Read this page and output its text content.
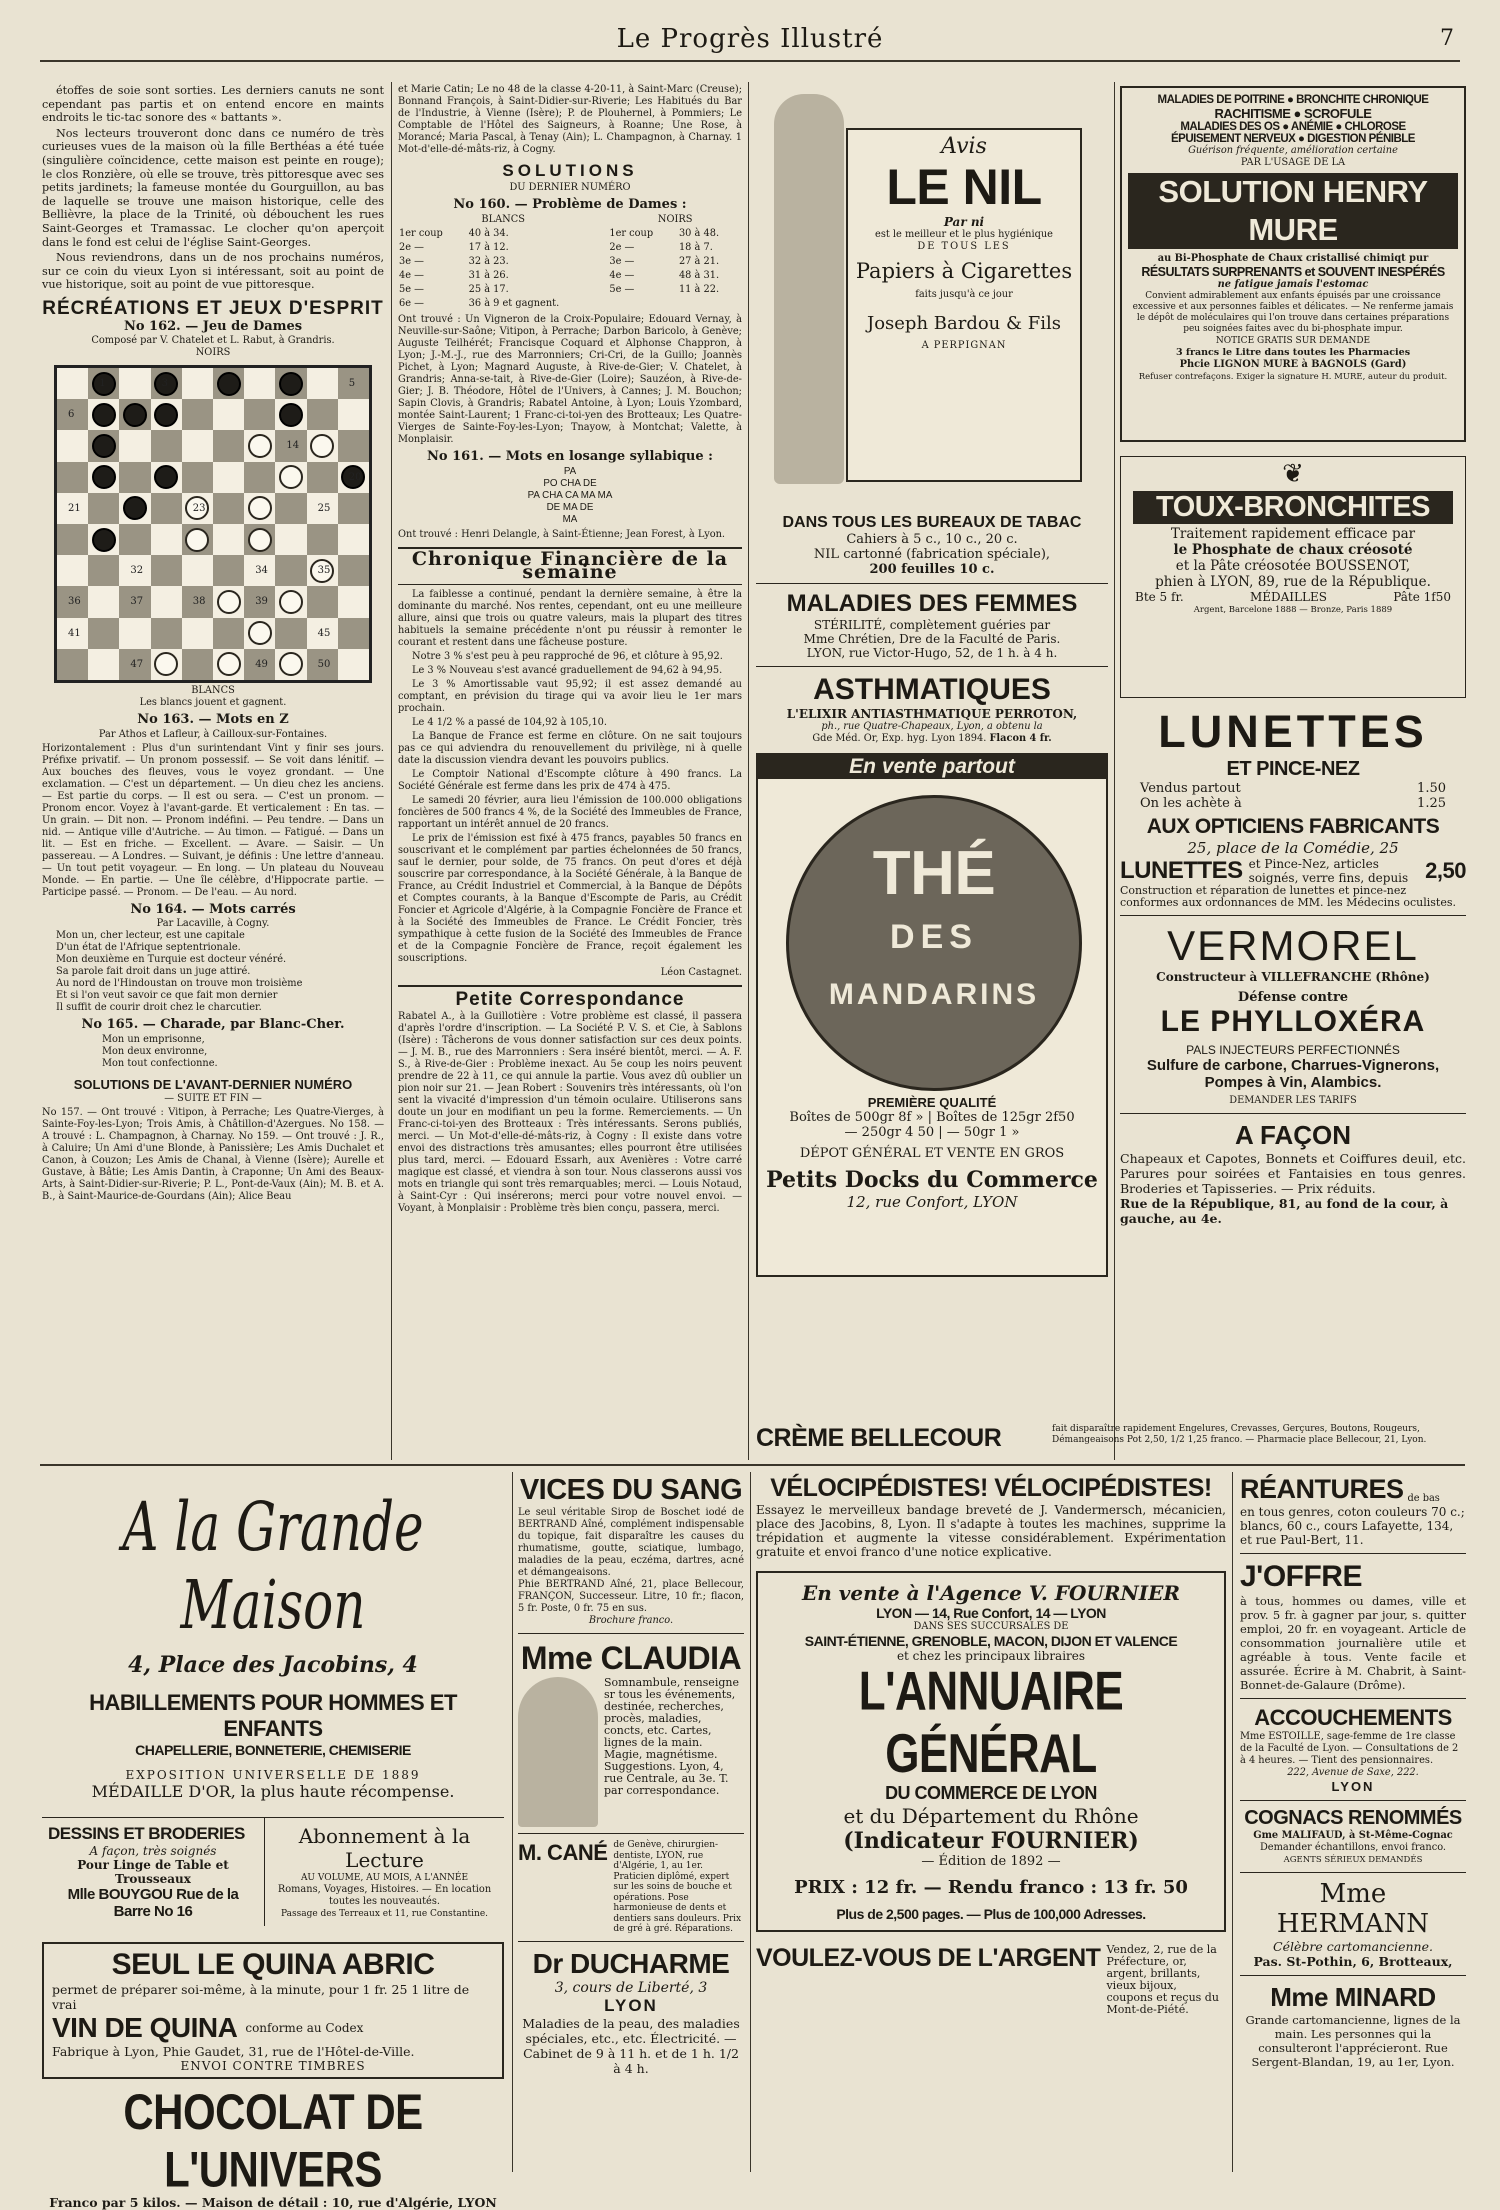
Le Progrès Illustré	7

étoffes de soie sont sorties. Les derniers canuts ne sont cependant pas partis et on entend encore en maints endroits le tic-tac sonore des « battants ».

Nos lecteurs trouveront donc dans ce numéro de très curieuses vues de la maison où la fille Berthéas a été tuée (singulière coïncidence, cette maison est peinte en rouge); le clos Ronzière, où elle se trouve, très pittoresque avec ses petits jardinets; la fameuse montée du Gourguillon, au bas de laquelle se trouve une maison historique, celle des Bellièvre, la place de la Trinité, où débouchent les rues Saint-Georges et Tramassac. Le clocher qu'on aperçoit dans le fond est celui de l'église Saint-Georges.

Nous reviendrons, dans un de nos prochains numéros, sur ce coin du vieux Lyon si intéressant, soit au point de vue historique, soit au point de vue pittoresque.

RÉCRÉATIONS ET JEUX D'ESPRIT
No 162. — Jeu de Dames
Composé par V. Chatelet et L. Rabut, à Grandris.
NOIRS
1	3	5
6
14
20
21	23	25
32	34	35
36	37	38	39
41	45
47	49	50
BLANCS
Les blancs jouent et gagnent.
No 163. — Mots en Z
Par Athos et Lafleur, à Cailloux-sur-Fontaines.

Horizontalement : Plus d'un surintendant Vint y finir ses jours. Préfixe privatif. — Un pronom possessif. — Se voit dans lénitif. — Aux bouches des fleuves, vous le voyez grondant. — Une exclamation. — C'est un département. — Un dieu chez les anciens. — Est partie du corps. — Il est ou sera. — C'est un pronom. — Pronom encor. Voyez à l'avant-garde. Et verticalement : En tas. — Un grain. — Dit non. — Pronom indéfini. — Peu tendre. — Dans un nid. — Antique ville d'Autriche. — Au timon. — Fatigué. — Dans un lit. — Est en friche. — Excellent. — Avare. — Saisir. — Un passereau. — A Londres. — Suivant, je définis : Une lettre d'anneau. — Un tout petit voyageur. — En long. — Un plateau du Nouveau Monde. — En partie. — Une île célèbre, d'Hippocrate partie. — Participe passé. — Pronom. — De l'eau. — Au nord.

No 164. — Mots carrés
Par Lacaville, à Cogny.
Mon un, cher lecteur, est une capitale
D'un état de l'Afrique septentrionale.
Mon deuxième en Turquie est docteur vénéré.
Sa parole fait droit dans un juge attiré.
Au nord de l'Hindoustan on trouve mon troisième
Et si l'on veut savoir ce que fait mon dernier
Il suffit de courir droit chez le charcutier.
No 165. — Charade, par Blanc-Cher.
Mon un emprisonne,
Mon deux environne,
Mon tout confectionne.
SOLUTIONS DE L'AVANT-DERNIER NUMÉRO
— SUITE ET FIN —

No 157. — Ont trouvé : Vitipon, à Perrache; Les Quatre-Vierges, à Sainte-Foy-les-Lyon; Trois Amis, à Châtillon-d'Azergues. No 158. — A trouvé : L. Champagnon, à Charnay. No 159. — Ont trouvé : J. R., à Caluire; Un Ami d'une Blonde, à Panissière; Les Amis Duchalet et Canon, à Couzon; Les Amis de Chanal, à Vienne (Isère); Aurelle et Gustave, à Bâtie; Les Amis Dantin, à Craponne; Un Ami des Beaux-Arts, à Saint-Didier-sur-Riverie; P. L., Pont-de-Vaux (Ain); M. B. et A. B., à Saint-Maurice-de-Gourdans (Ain); Alice Beau

et Marie Catin; Le no 48 de la classe 4-20-11, à Saint-Marc (Creuse); Bonnand François, à Saint-Didier-sur-Riverie; Les Habitués du Bar de l'Industrie, à Vienne (Isère); P. de Plouhernel, à Pommiers; Le Comptable de l'Hôtel des Saigneurs, à Roanne; Une Rose, à Morancé; Maria Pascal, à Tenay (Ain); L. Champagnon, à Charnay. 1 Mot-d'elle-dé-mâts-riz, à Cogny.

SOLUTIONS
DU DERNIER NUMÉRO
No 160. — Problème de Dames :
BLANCS		NOIRS	
1er coup	40 à 34.	1er coup	30 à 48.
2e —	17 à 12.	2e —	18 à 7.
3e —	32 à 23.	3e —	27 à 21.
4e —	31 à 26.	4e —	48 à 31.
5e —	25 à 17.	5e —	11 à 22.
6e —	36 à 9 et gagnent.		

Ont trouvé : Un Vigneron de la Croix-Populaire; Edouard Vernay, à Neuville-sur-Saône; Vitipon, à Perrache; Darbon Baricolo, à Genève; Auguste Teilhérét; Francisque Coquard et Alphonse Chappron, à Lyon; J.-M.-J., rue des Marronniers; Cri-Cri, de la Guillo; Joannès Pichet, à Lyon; Magnard Auguste, à Rive-de-Gier; V. Chatelet, à Grandris; Anna-se-tait, à Rive-de-Gier (Loire); Sauzéon, à Rive-de-Gier; J. B. Théodore, Hôtel de l'Univers, à Cannes; J. M. Bouchon; Sapin Clovis, à Grandris; Rabatel Antoine, à Lyon; Louis Yzombard, montée Saint-Laurent; 1 Franc-ci-toi-yen des Brotteaux; Les Quatre-Vierges de Sainte-Foy-les-Lyon; Tnayow, à Montchat; Valette, à Monplaisir.

No 161. — Mots en losange syllabique :
PA
PO CHA DE
PA CHA CA MA MA
DE MA DE
MA

Ont trouvé : Henri Delangle, à Saint-Étienne; Jean Forest, à Lyon.

Chronique Financière de la semaine

La faiblesse a continué, pendant la dernière semaine, à être la dominante du marché. Nos rentes, cependant, ont eu une meilleure allure, ainsi que trois ou quatre valeurs, mais la plupart des titres habituels la semaine précédente n'ont pu réussir à remonter le courant et restent dans une fâcheuse posture.

Notre 3 % s'est peu à peu rapproché de 96, et clôture à 95,92.

Le 3 % Nouveau s'est avancé graduellement de 94,62 à 94,95.

Le 3 % Amortissable vaut 95,92; il est assez demandé au comptant, en prévision du tirage qui va avoir lieu le 1er mars prochain.

Le 4 1/2 % a passé de 104,92 à 105,10.

La Banque de France est ferme en clôture. On ne sait toujours pas ce qui adviendra du renouvellement du privilège, ni à quelle date la discussion viendra devant les pouvoirs publics.

Le Comptoir National d'Escompte clôture à 490 francs. La Société Générale est ferme dans les prix de 474 à 475.

Le samedi 20 février, aura lieu l'émission de 100.000 obligations foncières de 500 francs 4 %, de la Société des Immeubles de France, rapportant un intérêt annuel de 20 francs.

Le prix de l'émission est fixé à 475 francs, payables 50 francs en souscrivant et le complément par parties échelonnées de 50 francs, sauf le dernier, pour solde, de 75 francs. On peut d'ores et déjà souscrire par correspondance, à la Société Générale, à la Banque de France, au Crédit Industriel et Commercial, à la Banque de Dépôts et Comptes courants, à la Banque d'Escompte de Paris, au Crédit Foncier et Agricole d'Algérie, à la Compagnie Foncière de France et à la Société des Immeubles de France. Le Crédit Foncier, très sympathique à cette fusion de la Société des Immeubles de France et de la Compagnie Foncière de France, reçoit également les souscriptions.

Léon Castagnet.
Petite Correspondance

Rabatel A., à la Guillotière : Votre problème est classé, il passera d'après l'ordre d'inscription. — La Société P. V. S. et Cie, à Sablons (Isère) : Tâcherons de vous donner satisfaction sur ces deux points. — J. M. B., rue des Marronniers : Sera inséré bientôt, merci. — A. F. S., à Rive-de-Gier : Problème inexact. Au 5e coup les noirs peuvent prendre de 22 à 11, ce qui annule la partie. Vous avez dû oublier un pion noir sur 21. — Jean Robert : Souvenirs très intéressants, où l'on sent la vivacité d'impression d'un témoin oculaire. Utiliserons sans doute un jour en modifiant un peu la forme. Remerciements. — Un Franc-ci-toi-yen des Brotteaux : Très intéressants. Serons publiés, merci. — Un Mot-d'elle-dé-mâts-riz, à Cogny : Il existe dans votre envoi des distractions très amusantes; elles pourront être utilisées plus tard, merci. — Edouard Essarh, aux Avenières : Votre carré magique est classé, et viendra à son tour. Nous classerons aussi vos mots en triangle qui sont très remarquables; merci. — Louis Notaud, à Saint-Cyr : Qui insérerons; merci pour votre nouvel envoi. — Voyant, à Monplaisir : Problème très bien conçu, passera, merci.

Avis
LE NIL
Par ni
est le meilleur et le plus hygiénique
DE TOUS LES
Papiers à Cigarettes
faits jusqu'à ce jour
Joseph Bardou & Fils
A PERPIGNAN
DANS TOUS LES BUREAUX DE TABAC
Cahiers à 5 c., 10 c., 20 c.
NIL cartonné (fabrication spéciale),
200 feuilles 10 c.
MALADIES DES FEMMES
STÉRILITÉ, complètement guéries par
Mme Chrétien, Dre de la Faculté de Paris.
LYON, rue Victor-Hugo, 52, de 1 h. à 4 h.
ASTHMATIQUES
L'ELIXIR ANTIASTHMATIQUE PERROTON,
ph., rue Quatre-Chapeaux, Lyon, a obtenu la
Gde Méd. Or, Exp. hyg. Lyon 1894. Flacon 4 fr.
En vente partout
THÉ
DES
MANDARINS
PREMIÈRE QUALITÉ
Boîtes de 500gr 8f » | Boîtes de 125gr 2f50
— 250gr 4 50 | — 50gr 1 »
DÉPOT GÉNÉRAL ET VENTE EN GROS
Petits Docks du Commerce
12, rue Confort, LYON
CRÈME BELLECOUR	fait disparaître rapidement Engelures, Crevasses, Gerçures, Boutons, Rougeurs, Démangeaisons Pot 2,50, 1/2 1,25 franco. — Pharmacie place Bellecour, 21, Lyon.
MALADIES DE POITRINE ● BRONCHITE CHRONIQUE
RACHITISME ● SCROFULE
MALADIES DES OS ● ANÉMIE ● CHLOROSE
ÉPUISEMENT NERVEUX ● DIGESTION PÉNIBLE
Guérison fréquente, amélioration certaine
PAR L'USAGE DE LA
SOLUTION HENRY MURE
au Bi-Phosphate de Chaux cristallisé chimiqt pur
RÉSULTATS SURPRENANTS et SOUVENT INESPÉRÉS
ne fatigue jamais l'estomac
Convient admirablement aux enfants épuisés par une croissance excessive et aux personnes faibles et délicates. — Ne renferme jamais le dépôt de moléculaires qui l'on trouve dans certaines préparations peu soignées faites avec du bi-phosphate impur.
NOTICE GRATIS SUR DEMANDE
3 francs le Litre dans toutes les Pharmacies
Phcie LIGNON MURE à BAGNOLS (Gard)
Refuser contrefaçons. Exiger la signature H. MURE, auteur du produit.
❦
TOUX-BRONCHITES
Traitement rapidement efficace par
le Phosphate de chaux créosoté
et la Pâte créosotée BOUSSENOT,
phien à LYON, 89, rue de la République.
Bte 5 fr.	MÉDAILLES	Pâte 1f50
Argent, Barcelone 1888 — Bronze, Paris 1889
LUNETTES
ET PINCE-NEZ
Vendus partout	1.50
On les achète à	1.25
AUX OPTICIENS FABRICANTS
25, place de la Comédie, 25
LUNETTES et Pince-Nez, articles soignés, verre fins, depuis 2,50
Construction et réparation de lunettes et pince-nez conformes aux ordonnances de MM. les Médecins oculistes.
VERMOREL
Constructeur à VILLEFRANCHE (Rhône)
Défense contre
LE PHYLLOXÉRA
PALS INJECTEURS PERFECTIONNÉS
Sulfure de carbone, Charrues-Vignerons, Pompes à Vin, Alambics.
DEMANDER LES TARIFS
A FAÇON
Chapeaux et Capotes, Bonnets et Coiffures deuil, etc. Parures pour soirées et Fantaisies en tous genres. Broderies et Tapisseries. — Prix réduits.
Rue de la République, 81, au fond de la cour, à gauche, au 4e.
A la Grande Maison
4, Place des Jacobins, 4
HABILLEMENTS POUR HOMMES ET ENFANTS
CHAPELLERIE, BONNETERIE, CHEMISERIE
EXPOSITION UNIVERSELLE DE 1889
MÉDAILLE D'OR, la plus haute récompense.
DESSINS ET BRODERIES
A façon, très soignés
Pour Linge de Table et Trousseaux
Mlle BOUYGOU Rue de la Barre No 16
Abonnement à la Lecture
AU VOLUME, AU MOIS, A L'ANNÉE
Romans, Voyages, Histoires. — En location toutes les nouveautés.
Passage des Terreaux et 11, rue Constantine.
SEUL LE QUINA ABRIC
permet de préparer soi-même, à la minute, pour 1 fr. 25 1 litre de vrai
VIN DE QUINA conforme au Codex
Fabrique à Lyon, Phie Gaudet, 31, rue de l'Hôtel-de-Ville.
ENVOI CONTRE TIMBRES
CHOCOLAT DE L'UNIVERS
Franco par 5 kilos. — Maison de détail : 10, rue d'Algérie, LYON
VICES DU SANG
Le seul véritable Sirop de Boschet iodé de BERTRAND Aîné, complément indispensable du topique, fait disparaître les causes du rhumatisme, goutte, sciatique, lumbago, maladies de la peau, eczéma, dartres, acné et démangeaisons.
Phie BERTRAND Aîné, 21, place Bellecour, FRANÇON, Successeur. Litre, 10 fr.; flacon, 5 fr. Poste, 0 fr. 75 en sus.
Brochure franco.
Mme CLAUDIA
Somnambule, renseigne sr tous les événements, destinée, recherches, procès, maladies, concts, etc. Cartes, lignes de la main. Magie, magnétisme. Suggestions. Lyon, 4, rue Centrale, au 3e. T. par correspondance.
M. CANÉ de Genève, chirurgien-dentiste, LYON, rue d'Algérie, 1, au 1er. Praticien diplômé, expert sur les soins de bouche et opérations. Pose harmonieuse de dents et dentiers sans douleurs. Prix de gré à gré. Réparations.
Dr DUCHARME
3, cours de Liberté, 3
LYON
Maladies de la peau, des maladies spéciales, etc., etc. Électricité. — Cabinet de 9 à 11 h. et de 1 h. 1/2 à 4 h.
VÉLOCIPÉDISTES! VÉLOCIPÉDISTES!
Essayez le merveilleux bandage breveté de J. Vandermersch, mécanicien, place des Jacobins, 8, Lyon. Il s'adapte à toutes les machines, supprime la trépidation et augmente la vitesse considérablement. Expérimentation gratuite et envoi franco d'une notice explicative.
En vente à l'Agence V. FOURNIER
LYON — 14, Rue Confort, 14 — LYON
DANS SES SUCCURSALES DE
SAINT-ÉTIENNE, GRENOBLE, MACON, DIJON ET VALENCE
et chez les principaux libraires
L'ANNUAIRE GÉNÉRAL
DU COMMERCE DE LYON
et du Département du Rhône
(Indicateur FOURNIER)
— Édition de 1892 —
PRIX : 12 fr. — Rendu franco : 13 fr. 50
Plus de 2,500 pages. — Plus de 100,000 Adresses.
VOULEZ-VOUS DE L'ARGENT Vendez, 2, rue de la Préfecture, or, argent, brillants, vieux bijoux, coupons et reçus du Mont-de-Piété.
RÉANTURES de bas
en tous genres, coton couleurs 70 c.; blancs, 60 c., cours Lafayette, 134, et rue Paul-Bert, 11.
J'OFFRE
à tous, hommes ou dames, ville et prov. 5 fr. à gagner par jour, s. quitter emploi, 20 fr. en voyageant. Article de consommation journalière utile et agréable à tous. Vente facile et assurée. Écrire à M. Chabrit, à Saint-Bonnet-de-Galaure (Drôme).
ACCOUCHEMENTS
Mme ESTOILLE, sage-femme de 1re classe de la Faculté de Lyon. — Consultations de 2 à 4 heures. — Tient des pensionnaires.
222, Avenue de Saxe, 222.
LYON
COGNACS RENOMMÉS
Gme MALIFAUD, à St-Même-Cognac
Demander échantillons, envoi franco.
AGENTS SÉRIEUX DEMANDÉS
Mme HERMANN
Célèbre cartomancienne.
Pas. St-Pothin, 6, Brotteaux,
Mme MINARD
Grande cartomancienne, lignes de la main. Les personnes qui la consulteront l'apprécieront. Rue Sergent-Blandan, 19, au 1er, Lyon.
